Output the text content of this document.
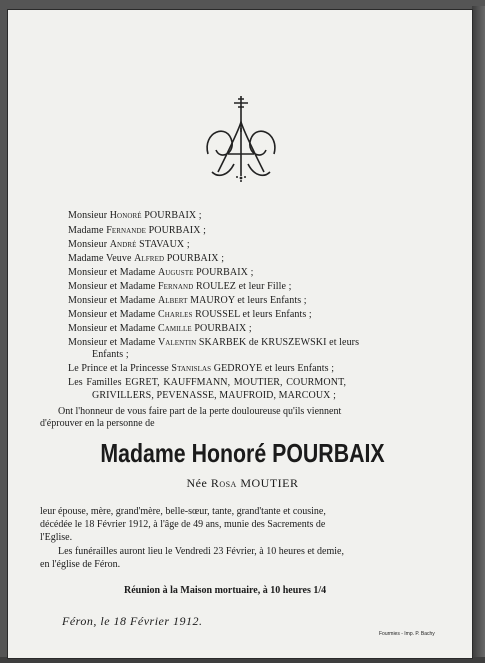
Monsieur Honoré POURBAIX ;
Madame Fernande POURBAIX ;
Monsieur André STAVAUX ;
Madame Veuve Alfred POURBAIX ;
Monsieur et Madame Auguste POURBAIX ;
Monsieur et Madame Fernand ROULEZ et leur Fille ;
Monsieur et Madame Albert MAUROY et leurs Enfants ;
Monsieur et Madame Charles ROUSSEL et leurs Enfants ;
Monsieur et Madame Camille POURBAIX ;
Monsieur et Madame Valentin SKARBEK de KRUSZEWSKI et leurs
Enfants ;
Le Prince et la Princesse Stanislas GEDROYE et leurs Enfants ;
Les Familles EGRET, KAUFFMANN, MOUTIER, COURMONT,
GRIVILLERS, PEVENASSE, MAUFROID, MARCOUX ;
Ont l'honneur de vous faire part de la perte douloureuse qu'ils viennent
d'éprouver en la personne de
Madame Honoré POURBAIX
Née Rosa MOUTIER
leur épouse, mère, grand'mère, belle-sœur, tante, grand'tante et cousine,
décédée le 18 Février 1912, à l'âge de 49 ans, munie des Sacrements de
l'Eglise.
Les funérailles auront lieu le Vendredi 23 Février, à 10 heures et demie,
en l'église de Féron.
Réunion à la Maison mortuaire, à 10 heures 1/4
Féron, le 18 Février 1912.
Fourmies - Imp. P. Bachy
